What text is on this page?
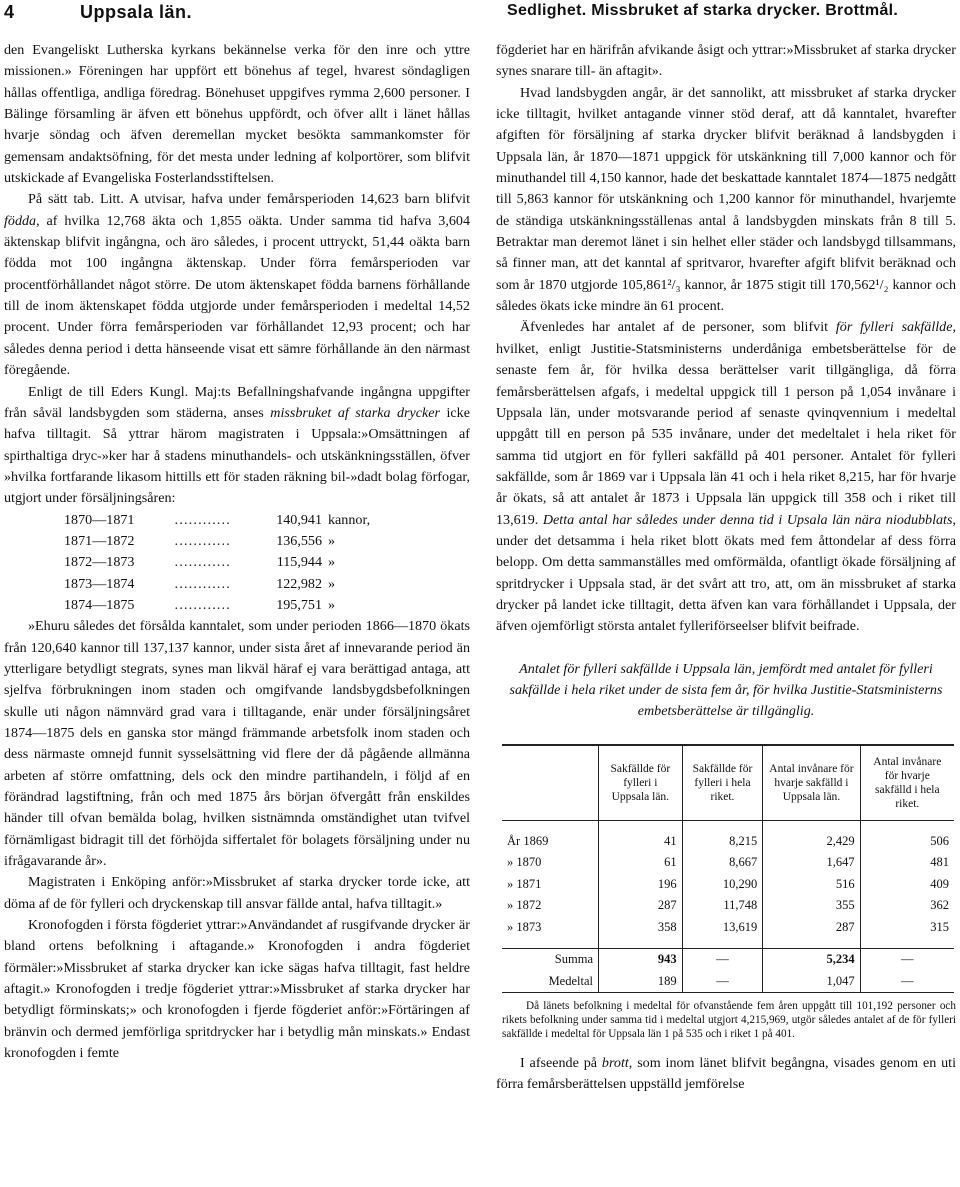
4	Uppsala län.	Sedlighet. Missbruket af starka drycker. Brottmål.

den Evangeliskt Lutherska kyrkans bekännelse verka för den inre och yttre missionen.» Föreningen har uppfört ett bönehus af tegel, hvarest söndagligen hållas offentliga, andliga föredrag. Bönehuset uppgifves rymma 2,600 personer. I Bälinge församling är äfven ett bönehus uppfördt, och öfver allt i länet hållas hvarje söndag och äfven deremellan mycket besökta sammankomster för gemensam andaktsöfning, för det mesta under ledning af kolportörer, som blifvit utskickade af Evangeliska Fosterlandsstiftelsen.

På sätt tab. Litt. A utvisar, hafva under femårsperioden 14,623 barn blifvit födda, af hvilka 12,768 äkta och 1,855 oäkta. Under samma tid hafva 3,604 äktenskap blifvit ingångna, och äro således, i procent uttryckt, 51,44 oäkta barn födda mot 100 ingångna äktenskap. Under förra femårsperioden var procentförhållandet något större. De utom äktenskapet födda barnens förhållande till de inom äktenskapet födda utgjorde under femårsperioden i medeltal 14,52 procent. Under förra femårsperioden var förhållandet 12,93 procent; och har således denna period i detta hänseende visat ett sämre förhållande än den närmast föregående.

Enligt de till Eders Kungl. Maj:ts Befallningshafvande ingångna uppgifter från såväl landsbygden som städerna, anses missbruket af starka drycker icke hafva tilltagit. Så yttrar härom magistraten i Uppsala:»Omsättningen af spirthaltiga dryc-»ker har å stadens minuthandels- och utskänkningsställen, öfver »hvilka fortfarande likasom hittills ett för staden räkning bil-»dadt bolag förfogar, utgjort under försäljningsåren:

1870—1871	…………	140,941	kannor,
1871—1872	…………	136,556	»
1872—1873	…………	115,944	»
1873—1874	…………	122,982	»
1874—1875	…………	195,751	»

»Ehuru således det försålda kanntalet, som under perioden 1866—1870 ökats från 120,640 kannor till 137,137 kannor, under sista året af innevarande period än ytterligare betydligt stegrats, synes man likväl häraf ej vara berättigad antaga, att sjelfva förbrukningen inom staden och omgifvande landsbygdsbefolkningen skulle uti någon nämnvärd grad vara i tilltagande, enär under försäljningsåret 1874—1875 dels en ganska stor mängd främmande arbetsfolk inom staden och dess närmaste omnejd funnit sysselsättning vid flere der då pågående allmänna arbeten af större omfattning, dels ock den mindre partihandeln, i följd af en förändrad lagstiftning, från och med 1875 års början öfvergått från enskildes händer till ofvan bemälda bolag, hvilken sistnämnda omständighet utan tvifvel förnämligast bidragit till det förhöjda siffertalet för bolagets försäljning under nu ifrågavarande år».

Magistraten i Enköping anför:»Missbruket af starka drycker torde icke, att döma af de för fylleri och dryckenskap till ansvar fällde antal, hafva tilltagit.»

Kronofogden i första fögderiet yttrar:»Användandet af rusgifvande drycker är bland ortens befolkning i aftagande.» Kronofogden i andra fögderiet förmäler:»Missbruket af starka drycker kan icke sägas hafva tilltagit, fast heldre aftagit.» Kronofogden i tredje fögderiet yttrar:»Missbruket af starka drycker har betydligt förminskats;» och kronofogden i fjerde fögderiet anför:»Förtäringen af bränvin och dermed jemförliga spritdrycker har i betydlig mån minskats.» Endast kronofogden i femte

fögderiet har en härifrån afvikande åsigt och yttrar:»Missbruket af starka drycker synes snarare till- än aftagit».

Hvad landsbygden angår, är det sannolikt, att missbruket af starka drycker icke tilltagit, hvilket antagande vinner stöd deraf, att då kanntalet, hvarefter afgiften för försäljning af starka drycker blifvit beräknad å landsbygden i Uppsala län, år 1870—1871 uppgick för utskänkning till 7,000 kannor och för minuthandel till 4,150 kannor, hade det beskattade kanntalet 1874—1875 nedgått till 5,863 kannor för utskänkning och 1,200 kannor för minuthandel, hvarjemte de ständiga utskänkningsställenas antal å landsbygden minskats från 8 till 5. Betraktar man deremot länet i sin helhet eller städer och landsbygd tillsammans, så finner man, att det kanntal af spritvaror, hvarefter afgift blifvit beräknad och som år 1870 utgjorde 105,861²/₃ kannor, år 1875 stigit till 170,562¹/₂ kannor och således ökats icke mindre än 61 procent.

Äfvenledes har antalet af de personer, som blifvit för fylleri sakfällde, hvilket, enligt Justitie-Statsministerns underdåniga embetsberättelse för de senaste fem år, för hvilka dessa berättelser varit tillgängliga, då förra femårsberättelsen afgafs, i medeltal uppgick till 1 person på 1,054 invånare i Uppsala län, under motsvarande period af senaste qvinqvennium i medeltal uppgått till en person på 535 invånare, under det medeltalet i hela riket för samma tid utgjort en för fylleri sakfälld på 401 personer. Antalet för fylleri sakfällde, som år 1869 var i Uppsala län 41 och i hela riket 8,215, har för hvarje år ökats, så att antalet år 1873 i Uppsala län uppgick till 358 och i riket till 13,619. Detta antal har således under denna tid i Upsala län nära niodubblats, under det detsamma i hela riket blott ökats med fem åttondelar af dess förra belopp. Om detta sammanställes med omförmälda, ofantligt ökade försäljning af spritdrycker i Uppsala stad, är det svårt att tro, att, om än missbruket af starka drycker på landet icke tilltagit, detta äfven kan vara förhållandet i Uppsala, der äfven ojemförligt största antalet fylleriförseelser blifvit beifrade.

Antalet för fylleri sakfällde i Uppsala län, jemfördt med antalet för fylleri sakfällde i hela riket under de sista fem år, för hvilka Justitie-Statsministerns embetsberättelse är tillgänglig.
	Sakfällde för fylleri i Uppsala län.	Sakfällde för fylleri i hela riket.	Antal invånare för hvarje sakfälld i Uppsala län.	Antal invånare för hvarje sakfälld i hela riket.

År 1869	41	8,215	2,429	506
» 1870	61	8,667	1,647	481
» 1871	196	10,290	516	409
» 1872	287	11,748	355	362
» 1873	358	13,619	287	315

Summa	943	—	5,234	—
Medeltal	189	—	1,047	—

Då länets befolkning i medeltal för ofvanstående fem åren uppgått till 101,192 personer och rikets befolkning under samma tid i medeltal utgjort 4,215,969, utgör således antalet af de för fylleri sakfällde i medeltal för Uppsala län 1 på 535 och i riket 1 på 401.

I afseende på brott, som inom länet blifvit begångna, visades genom en uti förra femårsberättelsen uppställd jemförelse
